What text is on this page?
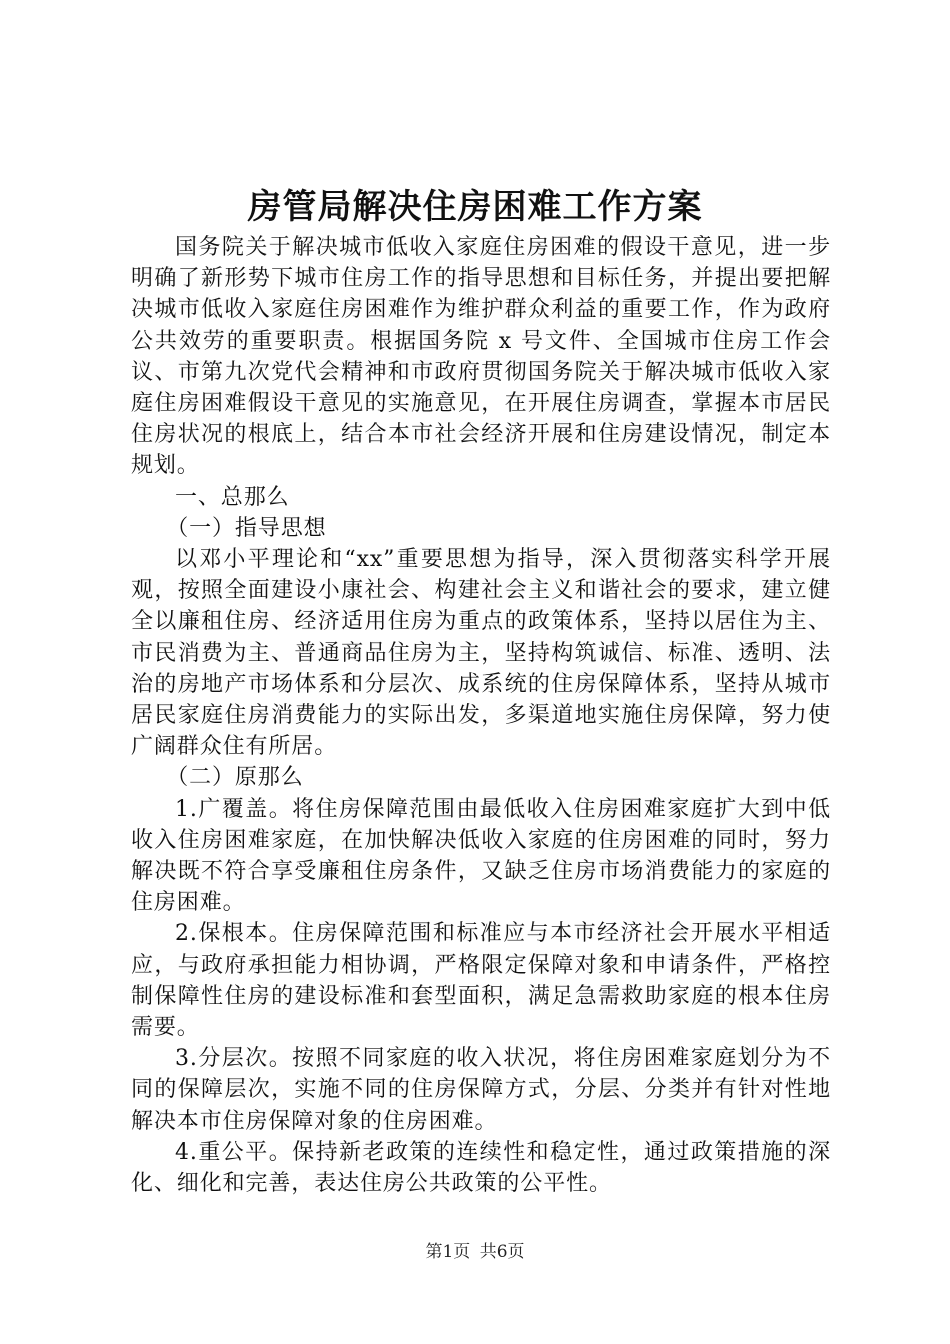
房管局解决住房困难工作方案

国务院关于解决城市低收入家庭住房困难的假设干意见，进一步明确了新形势下城市住房工作的指导思想和目标任务，并提出要把解决城市低收入家庭住房困难作为维护群众利益的重要工作，作为政府公共效劳的重要职责。根据国务院 x 号文件、全国城市住房工作会议、市第九次党代会精神和市政府贯彻国务院关于解决城市低收入家庭住房困难假设干意见的实施意见，在开展住房调查，掌握本市居民住房状况的根底上，结合本市社会经济开展和住房建设情况，制定本规划。

一、总那么

（一）指导思想

以邓小平理论和“xx”重要思想为指导，深入贯彻落实科学开展观，按照全面建设小康社会、构建社会主义和谐社会的要求，建立健全以廉租住房、经济适用住房为重点的政策体系，坚持以居住为主、市民消费为主、普通商品住房为主，坚持构筑诚信、标准、透明、法治的房地产市场体系和分层次、成系统的住房保障体系，坚持从城市居民家庭住房消费能力的实际出发，多渠道地实施住房保障，努力使广阔群众住有所居。

（二）原那么

1.广覆盖。将住房保障范围由最低收入住房困难家庭扩大到中低收入住房困难家庭，在加快解决低收入家庭的住房困难的同时，努力解决既不符合享受廉租住房条件，又缺乏住房市场消费能力的家庭的住房困难。

2.保根本。住房保障范围和标准应与本市经济社会开展水平相适应，与政府承担能力相协调，严格限定保障对象和申请条件，严格控制保障性住房的建设标准和套型面积，满足急需救助家庭的根本住房需要。

3.分层次。按照不同家庭的收入状况，将住房困难家庭划分为不同的保障层次，实施不同的住房保障方式，分层、分类并有针对性地解决本市住房保障对象的住房困难。

4.重公平。保持新老政策的连续性和稳定性，通过政策措施的深化、细化和完善，表达住房公共政策的公平性。

第1页 共6页
